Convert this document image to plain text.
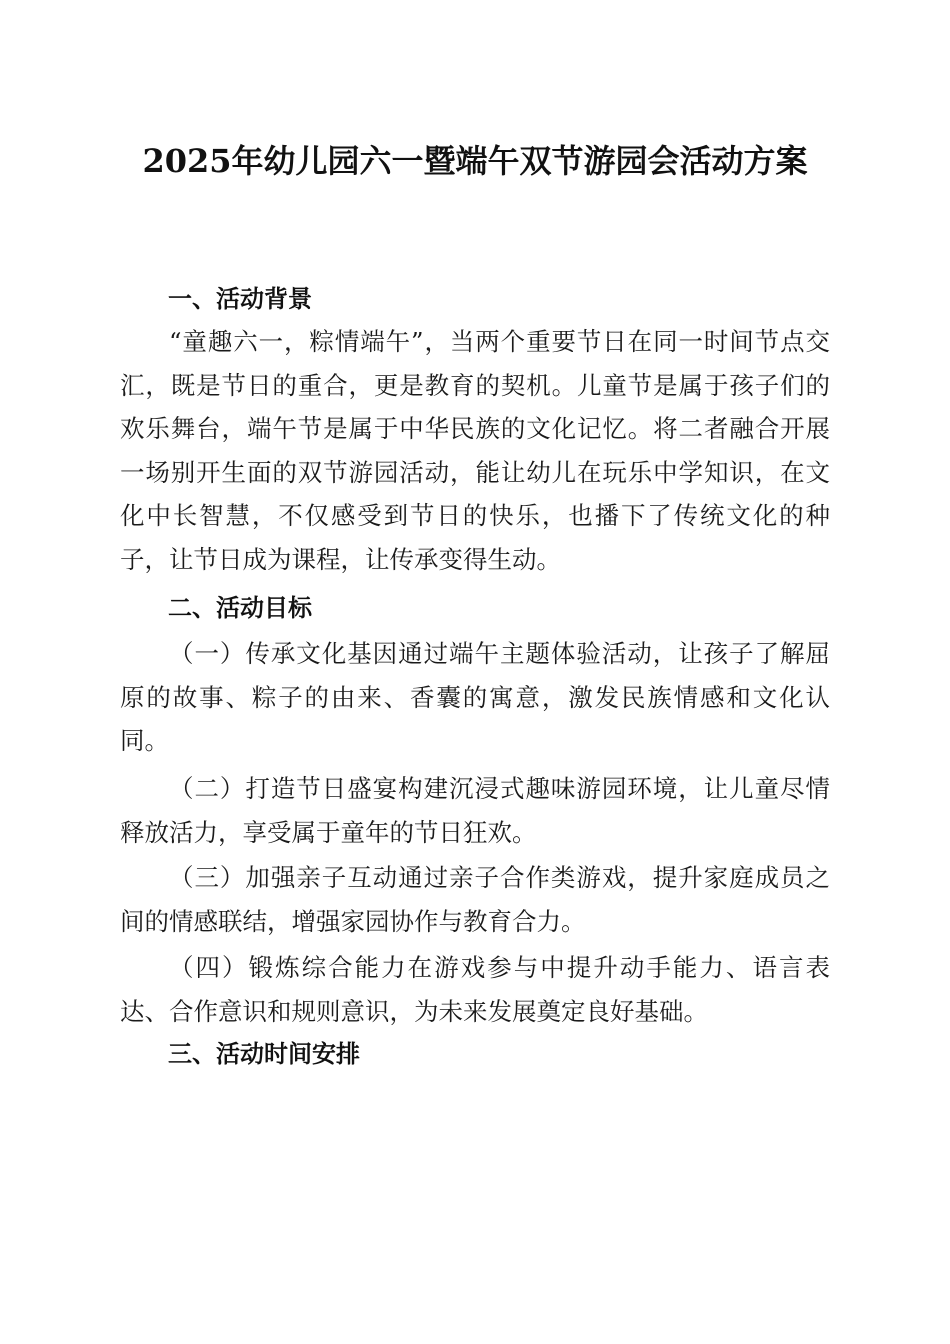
2025年幼儿园六一暨端午双节游园会活动方案
一、活动背景

“童趣六一，粽情端午”，当两个重要节日在同一时间节点交汇，既是节日的重合，更是教育的契机。儿童节是属于孩子们的欢乐舞台，端午节是属于中华民族的文化记忆。将二者融合开展一场别开生面的双节游园活动，能让幼儿在玩乐中学知识，在文化中长智慧，不仅感受到节日的快乐，也播下了传统文化的种子，让节日成为课程，让传承变得生动。

二、活动目标

（一）传承文化基因通过端午主题体验活动，让孩子了解屈原的故事、粽子的由来、香囊的寓意，激发民族情感和文化认同。

（二）打造节日盛宴构建沉浸式趣味游园环境，让儿童尽情释放活力，享受属于童年的节日狂欢。

（三）加强亲子互动通过亲子合作类游戏，提升家庭成员之间的情感联结，增强家园协作与教育合力。

（四）锻炼综合能力在游戏参与中提升动手能力、语言表达、合作意识和规则意识，为未来发展奠定良好基础。

三、活动时间安排
